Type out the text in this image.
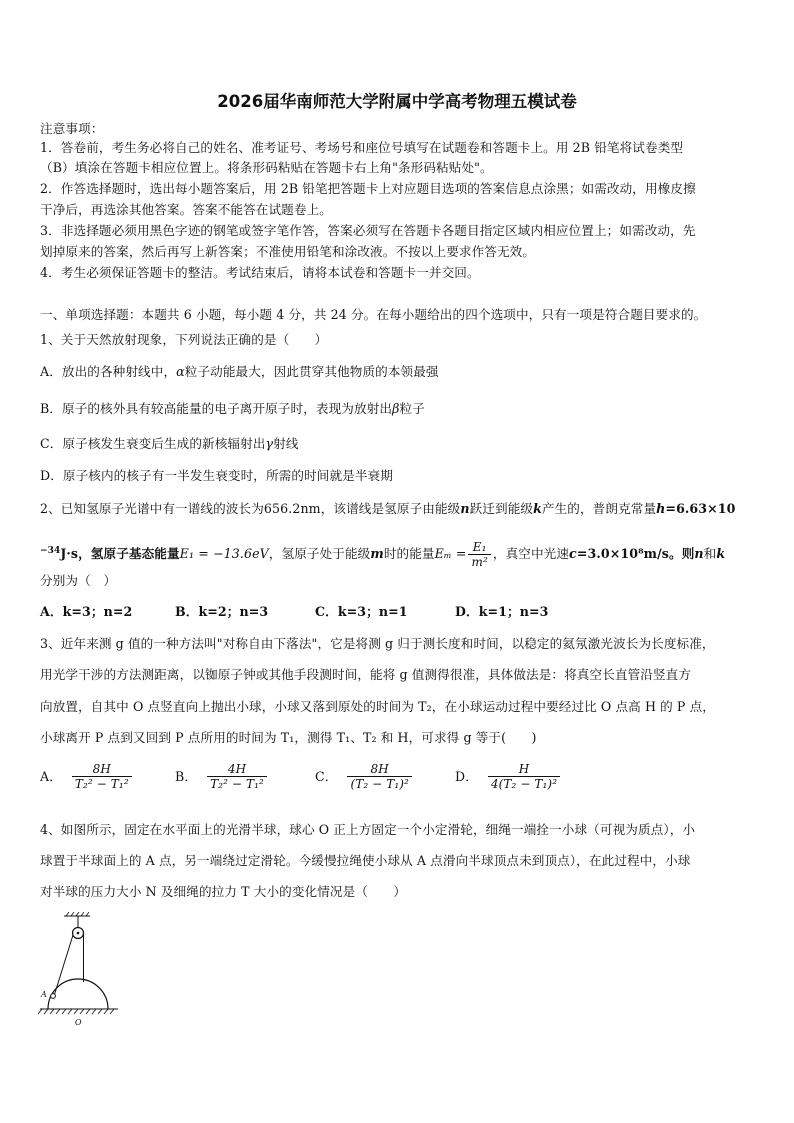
2026届华南师范大学附属中学高考物理五模试卷
注意事项：
1．答卷前，考生务必将自己的姓名、准考证号、考场号和座位号填写在试题卷和答题卡上。用 2B 铅笔将试卷类型
（B）填涂在答题卡相应位置上。将条形码粘贴在答题卡右上角"条形码粘贴处"。
2．作答选择题时，选出每小题答案后，用 2B 铅笔把答题卡上对应题目选项的答案信息点涂黑；如需改动，用橡皮擦
干净后，再选涂其他答案。答案不能答在试题卷上。
3．非选择题必须用黑色字迹的钢笔或签字笔作答，答案必须写在答题卡各题目指定区域内相应位置上；如需改动，先
划掉原来的答案，然后再写上新答案；不准使用铅笔和涂改液。不按以上要求作答无效。
4．考生必须保证答题卡的整洁。考试结束后，请将本试卷和答题卡一并交回。
一、单项选择题：本题共 6 小题，每小题 4 分，共 24 分。在每小题给出的四个选项中，只有一项是符合题目要求的。
1、关于天然放射现象，下列说法正确的是（　　）
A．放出的各种射线中，α粒子动能最大，因此贯穿其他物质的本领最强
B．原子的核外具有较高能量的电子离开原子时，表现为放射出β粒子
C．原子核发生衰变后生成的新核辐射出γ射线
D．原子核内的核子有一半发生衰变时，所需的时间就是半衰期
2、已知氢原子光谱中有一谱线的波长为656.2nm，该谱线是氢原子由能级n跃迁到能级k产生的，普朗克常量h=6.63×10
$^{-34}$J·s，氢原子基态能量E₁ = −13.6eV，氢原子处于能级m时的能量$E_m = \frac{\text{E₁}}{\text{m²}}$ ，真空中光速c=3.0×10⁸m/s。则n和k
分别为（　）
A．k=3；n=2	B．k=2；n=3	C．k=3；n=1	D．k=1；n=3
3、近年来测 g 值的一种方法叫"对称自由下落法"，它是将测 g 归于测长度和时间，以稳定的氦氖激光波长为长度标准，
用光学干涉的方法测距离，以铷原子钟或其他手段测时间，能将 g 值测得很准，具体做法是：将真空长直管沿竖直方
向放置，自其中 O 点竖直向上抛出小球，小球又落到原处的时间为 T₂，在小球运动过程中要经过比 O 点高 H 的 P 点，
小球离开 P 点到又回到 P 点所用的时间为 T₁，测得 T₁、T₂ 和 H，可求得 g 等于(　　)
A． $\frac{8H}{\text{T₂² − T₁²}}$	B． $\frac{4H}{\text{T₂² − T₁²}}$	C． $\frac{8H}{\text{(T₂ − T₁)²}}$	D． $\frac{H}{\text{4(T₂ − T₁)²}}$
4、如图所示，固定在水平面上的光滑半球，球心 O 正上方固定一个小定滑轮，细绳一端拴一小球（可视为质点），小
球置于半球面上的 A 点，另一端绕过定滑轮。今缓慢拉绳使小球从 A 点滑向半球顶点未到顶点），在此过程中，小球
对半球的压力大小 N 及细绳的拉力 T 大小的变化情况是（　　）
A
O
